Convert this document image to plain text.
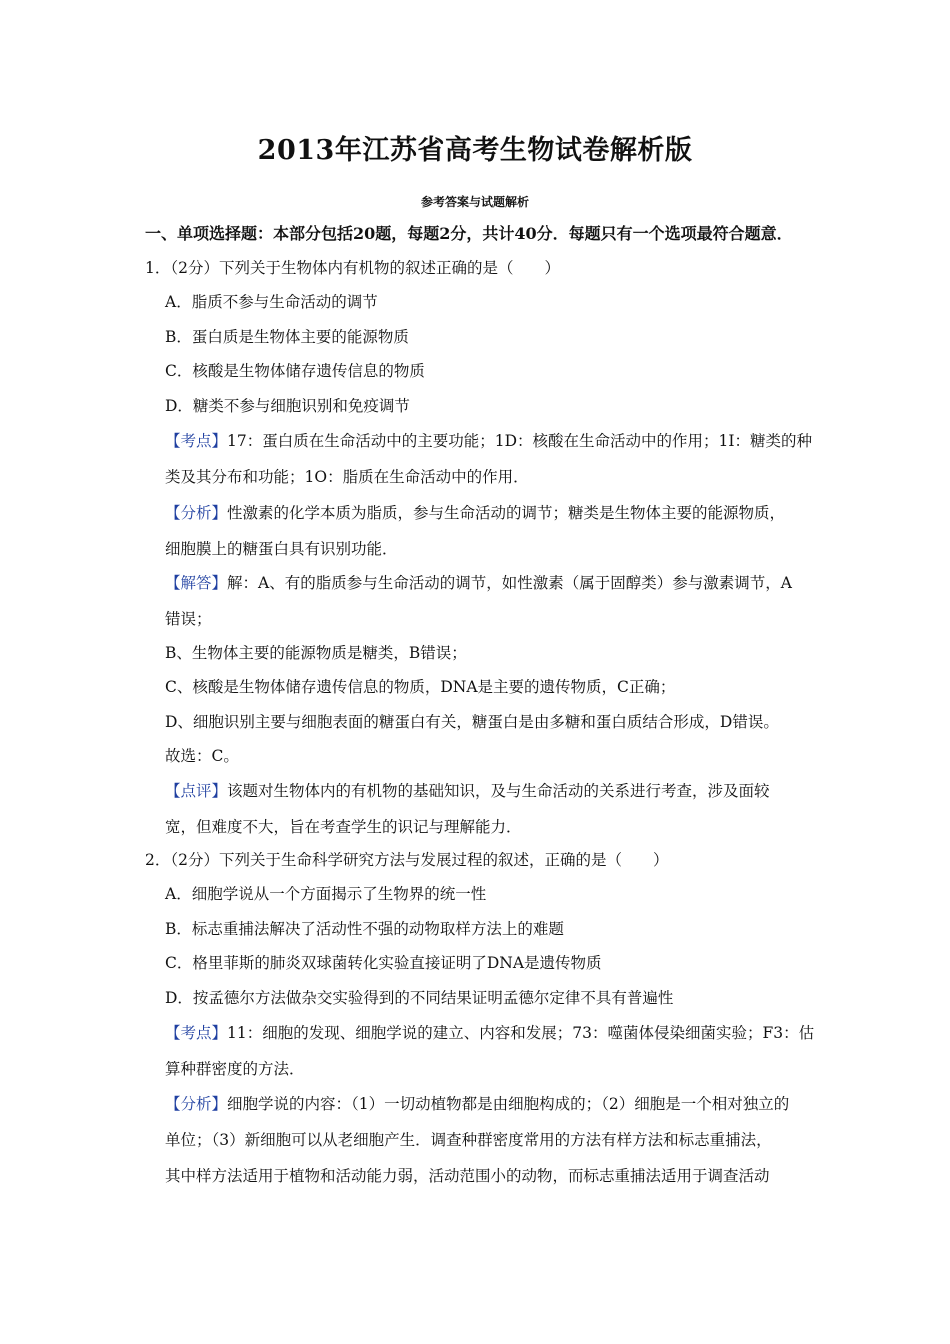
2013年江苏省高考生物试卷解析版
参考答案与试题解析
一、单项选择题：本部分包括20题，每题2分，共计40分．每题只有一个选项最符合题意．
1．（2分）下列关于生物体内有机物的叙述正确的是（　　）
A．脂质不参与生命活动的调节
B．蛋白质是生物体主要的能源物质
C．核酸是生物体储存遗传信息的物质
D．糖类不参与细胞识别和免疫调节
【考点】17：蛋白质在生命活动中的主要功能；1D：核酸在生命活动中的作用；1I：糖类的种
类及其分布和功能；1O：脂质在生命活动中的作用．
【分析】性激素的化学本质为脂质，参与生命活动的调节；糖类是生物体主要的能源物质，
细胞膜上的糖蛋白具有识别功能．
【解答】解：A、有的脂质参与生命活动的调节，如性激素（属于固醇类）参与激素调节，A
错误；
B、生物体主要的能源物质是糖类，B错误；
C、核酸是生物体储存遗传信息的物质，DNA是主要的遗传物质，C正确；
D、细胞识别主要与细胞表面的糖蛋白有关，糖蛋白是由多糖和蛋白质结合形成，D错误。
故选：C。
【点评】该题对生物体内的有机物的基础知识，及与生命活动的关系进行考查，涉及面较
宽，但难度不大，旨在考查学生的识记与理解能力．
2．（2分）下列关于生命科学研究方法与发展过程的叙述，正确的是（　　）
A．细胞学说从一个方面揭示了生物界的统一性
B．标志重捕法解决了活动性不强的动物取样方法上的难题
C．格里菲斯的肺炎双球菌转化实验直接证明了DNA是遗传物质
D．按孟德尔方法做杂交实验得到的不同结果证明孟德尔定律不具有普遍性
【考点】11：细胞的发现、细胞学说的建立、内容和发展；73：噬菌体侵染细菌实验；F3：估
算种群密度的方法．
【分析】细胞学说的内容：（1）一切动植物都是由细胞构成的；（2）细胞是一个相对独立的
单位；（3）新细胞可以从老细胞产生．调查种群密度常用的方法有样方法和标志重捕法，
其中样方法适用于植物和活动能力弱，活动范围小的动物，而标志重捕法适用于调查活动
